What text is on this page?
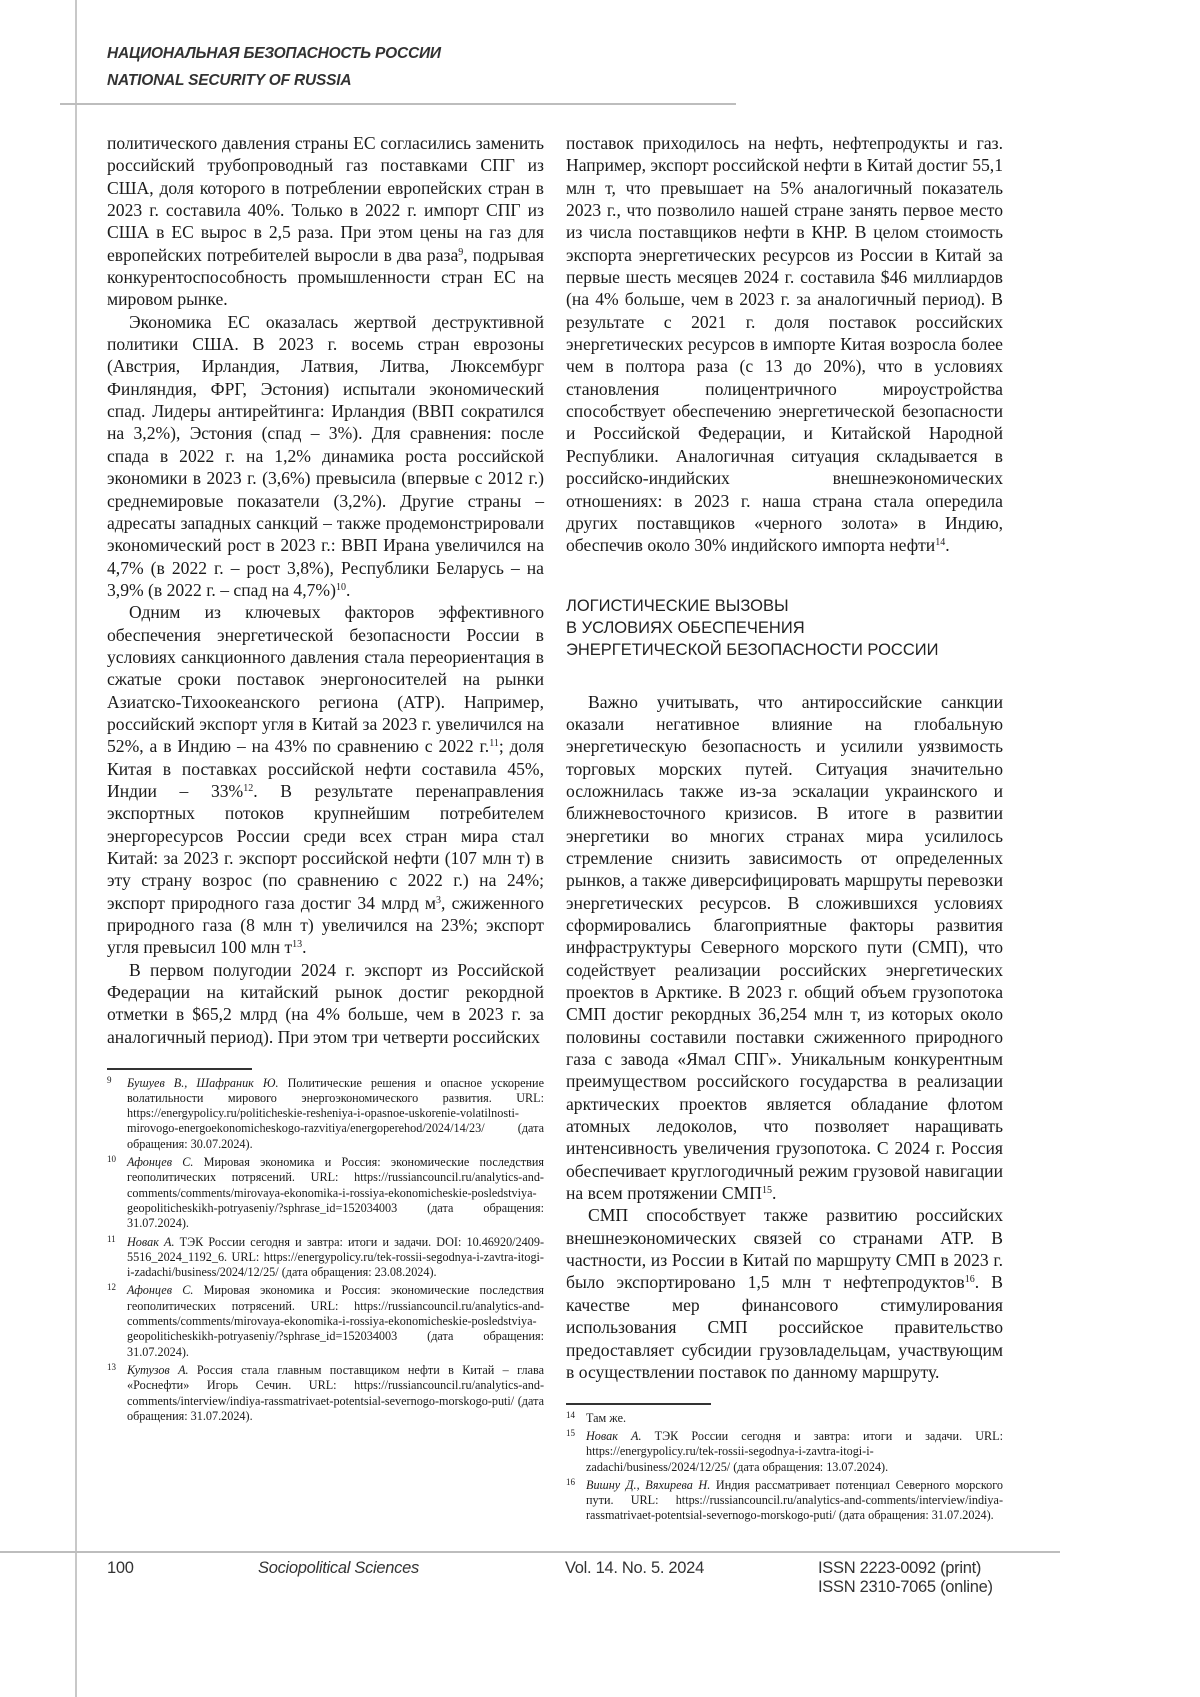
НАЦИОНАЛЬНАЯ БЕЗОПАСНОСТЬ РОССИИ
NATIONAL SECURITY OF RUSSIA

политического давления страны ЕС согласились заменить российский трубопроводный газ поставками СПГ из США, доля которого в потреблении европейских стран в 2023 г. составила 40%. Только в 2022 г. импорт СПГ из США в ЕС вырос в 2,5 раза. При этом цены на газ для европейских потребителей выросли в два раза9, подрывая конкурентоспособность промышленности стран ЕС на мировом рынке.

Экономика ЕС оказалась жертвой деструктивной политики США. В 2023 г. восемь стран еврозоны (Австрия, Ирландия, Латвия, Литва, Люксембург Финляндия, ФРГ, Эстония) испытали экономический спад. Лидеры антирейтинга: Ирландия (ВВП сократился на 3,2%), Эстония (спад – 3%). Для сравнения: после спада в 2022 г. на 1,2% динамика роста российской экономики в 2023 г. (3,6%) превысила (впервые с 2012 г.) среднемировые показатели (3,2%). Другие страны – адресаты западных санкций – также продемонстрировали экономический рост в 2023 г.: ВВП Ирана увеличился на 4,7% (в 2022 г. – рост 3,8%), Республики Беларусь – на 3,9% (в 2022 г. – спад на 4,7%)10.

Одним из ключевых факторов эффективного обеспечения энергетической безопасности России в условиях санкционного давления стала переориентация в сжатые сроки поставок энергоносителей на рынки Азиатско-Тихоокеанского региона (АТР). Например, российский экспорт угля в Китай за 2023 г. увеличился на 52%, а в Индию – на 43% по сравнению с 2022 г.11; доля Китая в поставках российской нефти составила 45%, Индии – 33%12. В результате перенаправления экспортных потоков крупнейшим потребителем энергоресурсов России среди всех стран мира стал Китай: за 2023 г. экспорт российской нефти (107 млн т) в эту страну возрос (по сравнению с 2022 г.) на 24%; экспорт природного газа достиг 34 млрд м3, сжиженного природного газа (8 млн т) увеличился на 23%; экспорт угля превысил 100 млн т13.

В первом полугодии 2024 г. экспорт из Российской Федерации на китайский рынок достиг рекордной отметки в $65,2 млрд (на 4% больше, чем в 2023 г. за аналогичный период). При этом три четверти российских

9 Бушуев В., Шафраник Ю. Политические решения и опасное ускорение волатильности мирового энергоэкономического развития. URL: https://energypolicy.ru/politicheskie-resheniya-i-opasnoe-uskorenie-volatilnosti-mirovogo-energoekonomicheskogo-razvitiya/energoperehod/2024/14/23/ (дата обращения: 30.07.2024).
10 Афонцев С. Мировая экономика и Россия: экономические последствия геополитических потрясений. URL: https://russiancouncil.ru/analytics-and-comments/comments/mirovaya-ekonomika-i-rossiya-ekonomicheskie-posledstviya-geopoliticheskikh-potryaseniy/?sphrase_id=152034003 (дата обращения: 31.07.2024).
11 Новак А. ТЭК России сегодня и завтра: итоги и задачи. DOI: 10.46920/2409-5516_2024_1192_6. URL: https://energypolicy.ru/tek-rossii-segodnya-i-zavtra-itogi-i-zadachi/business/2024/12/25/ (дата обращения: 23.08.2024).
12 Афонцев С. Мировая экономика и Россия: экономические последствия геополитических потрясений. URL: https://russiancouncil.ru/analytics-and-comments/comments/mirovaya-ekonomika-i-rossiya-ekonomicheskie-posledstviya-geopoliticheskikh-potryaseniy/?sphrase_id=152034003 (дата обращения: 31.07.2024).
13 Кутузов А. Россия стала главным поставщиком нефти в Китай – глава «Роснефти» Игорь Сечин. URL: https://russiancouncil.ru/analytics-and-comments/interview/indiya-rassmatrivaet-potentsial-severnogo-morskogo-puti/ (дата обращения: 31.07.2024).

поставок приходилось на нефть, нефтепродукты и газ. Например, экспорт российской нефти в Китай достиг 55,1 млн т, что превышает на 5% аналогичный показатель 2023 г., что позволило нашей стране занять первое место из числа поставщиков нефти в КНР. В целом стоимость экспорта энергетических ресурсов из России в Китай за первые шесть месяцев 2024 г. составила $46 миллиардов (на 4% больше, чем в 2023 г. за аналогичный период). В результате с 2021 г. доля поставок российских энергетических ресурсов в импорте Китая возросла более чем в полтора раза (с 13 до 20%), что в условиях становления полицентричного мироустройства способствует обеспечению энергетической безопасности и Российской Федерации, и Китайской Народной Республики. Аналогичная ситуация складывается в российско-индийских внешнеэкономических отношениях: в 2023 г. наша страна стала опередила других поставщиков «черного золота» в Индию, обеспечив около 30% индийского импорта нефти14.

ЛОГИСТИЧЕСКИЕ ВЫЗОВЫ
В УСЛОВИЯХ ОБЕСПЕЧЕНИЯ
ЭНЕРГЕТИЧЕСКОЙ БЕЗОПАСНОСТИ РОССИИ

Важно учитывать, что антироссийские санкции оказали негативное влияние на глобальную энергетическую безопасность и усилили уязвимость торговых морских путей. Ситуация значительно осложнилась также из-за эскалации украинского и ближневосточного кризисов. В итоге в развитии энергетики во многих странах мира усилилось стремление снизить зависимость от определенных рынков, а также диверсифицировать маршруты перевозки энергетических ресурсов. В сложившихся условиях сформировались благоприятные факторы развития инфраструктуры Северного морского пути (СМП), что содействует реализации российских энергетических проектов в Арктике. В 2023 г. общий объем грузопотока СМП достиг рекордных 36,254 млн т, из которых около половины составили поставки сжиженного природного газа с завода «Ямал СПГ». Уникальным конкурентным преимуществом российского государства в реализации арктических проектов является обладание флотом атомных ледоколов, что позволяет наращивать интенсивность увеличения грузопотока. С 2024 г. Россия обеспечивает круглогодичный режим грузовой навигации на всем протяжении СМП15.

СМП способствует также развитию российских внешнеэкономических связей со странами АТР. В частности, из России в Китай по маршруту СМП в 2023 г. было экспортировано 1,5 млн т нефтепродуктов16. В качестве мер финансового стимулирования использования СМП российское правительство предоставляет субсидии грузовладельцам, участвующим в осуществлении поставок по данному маршруту.

14 Там же.
15 Новак А. ТЭК России сегодня и завтра: итоги и задачи. URL: https://energypolicy.ru/tek-rossii-segodnya-i-zavtra-itogi-i-zadachi/business/2024/12/25/ (дата обращения: 13.07.2024).
16 Вишну Д., Вяхирева Н. Индия рассматривает потенциал Северного морского пути. URL: https://russiancouncil.ru/analytics-and-comments/interview/indiya-rassmatrivaet-potentsial-severnogo-morskogo-puti/ (дата обращения: 31.07.2024).
100	Sociopolitical Sciences	Vol. 14. No. 5. 2024	ISSN 2223-0092 (print)
ISSN 2310-7065 (online)
